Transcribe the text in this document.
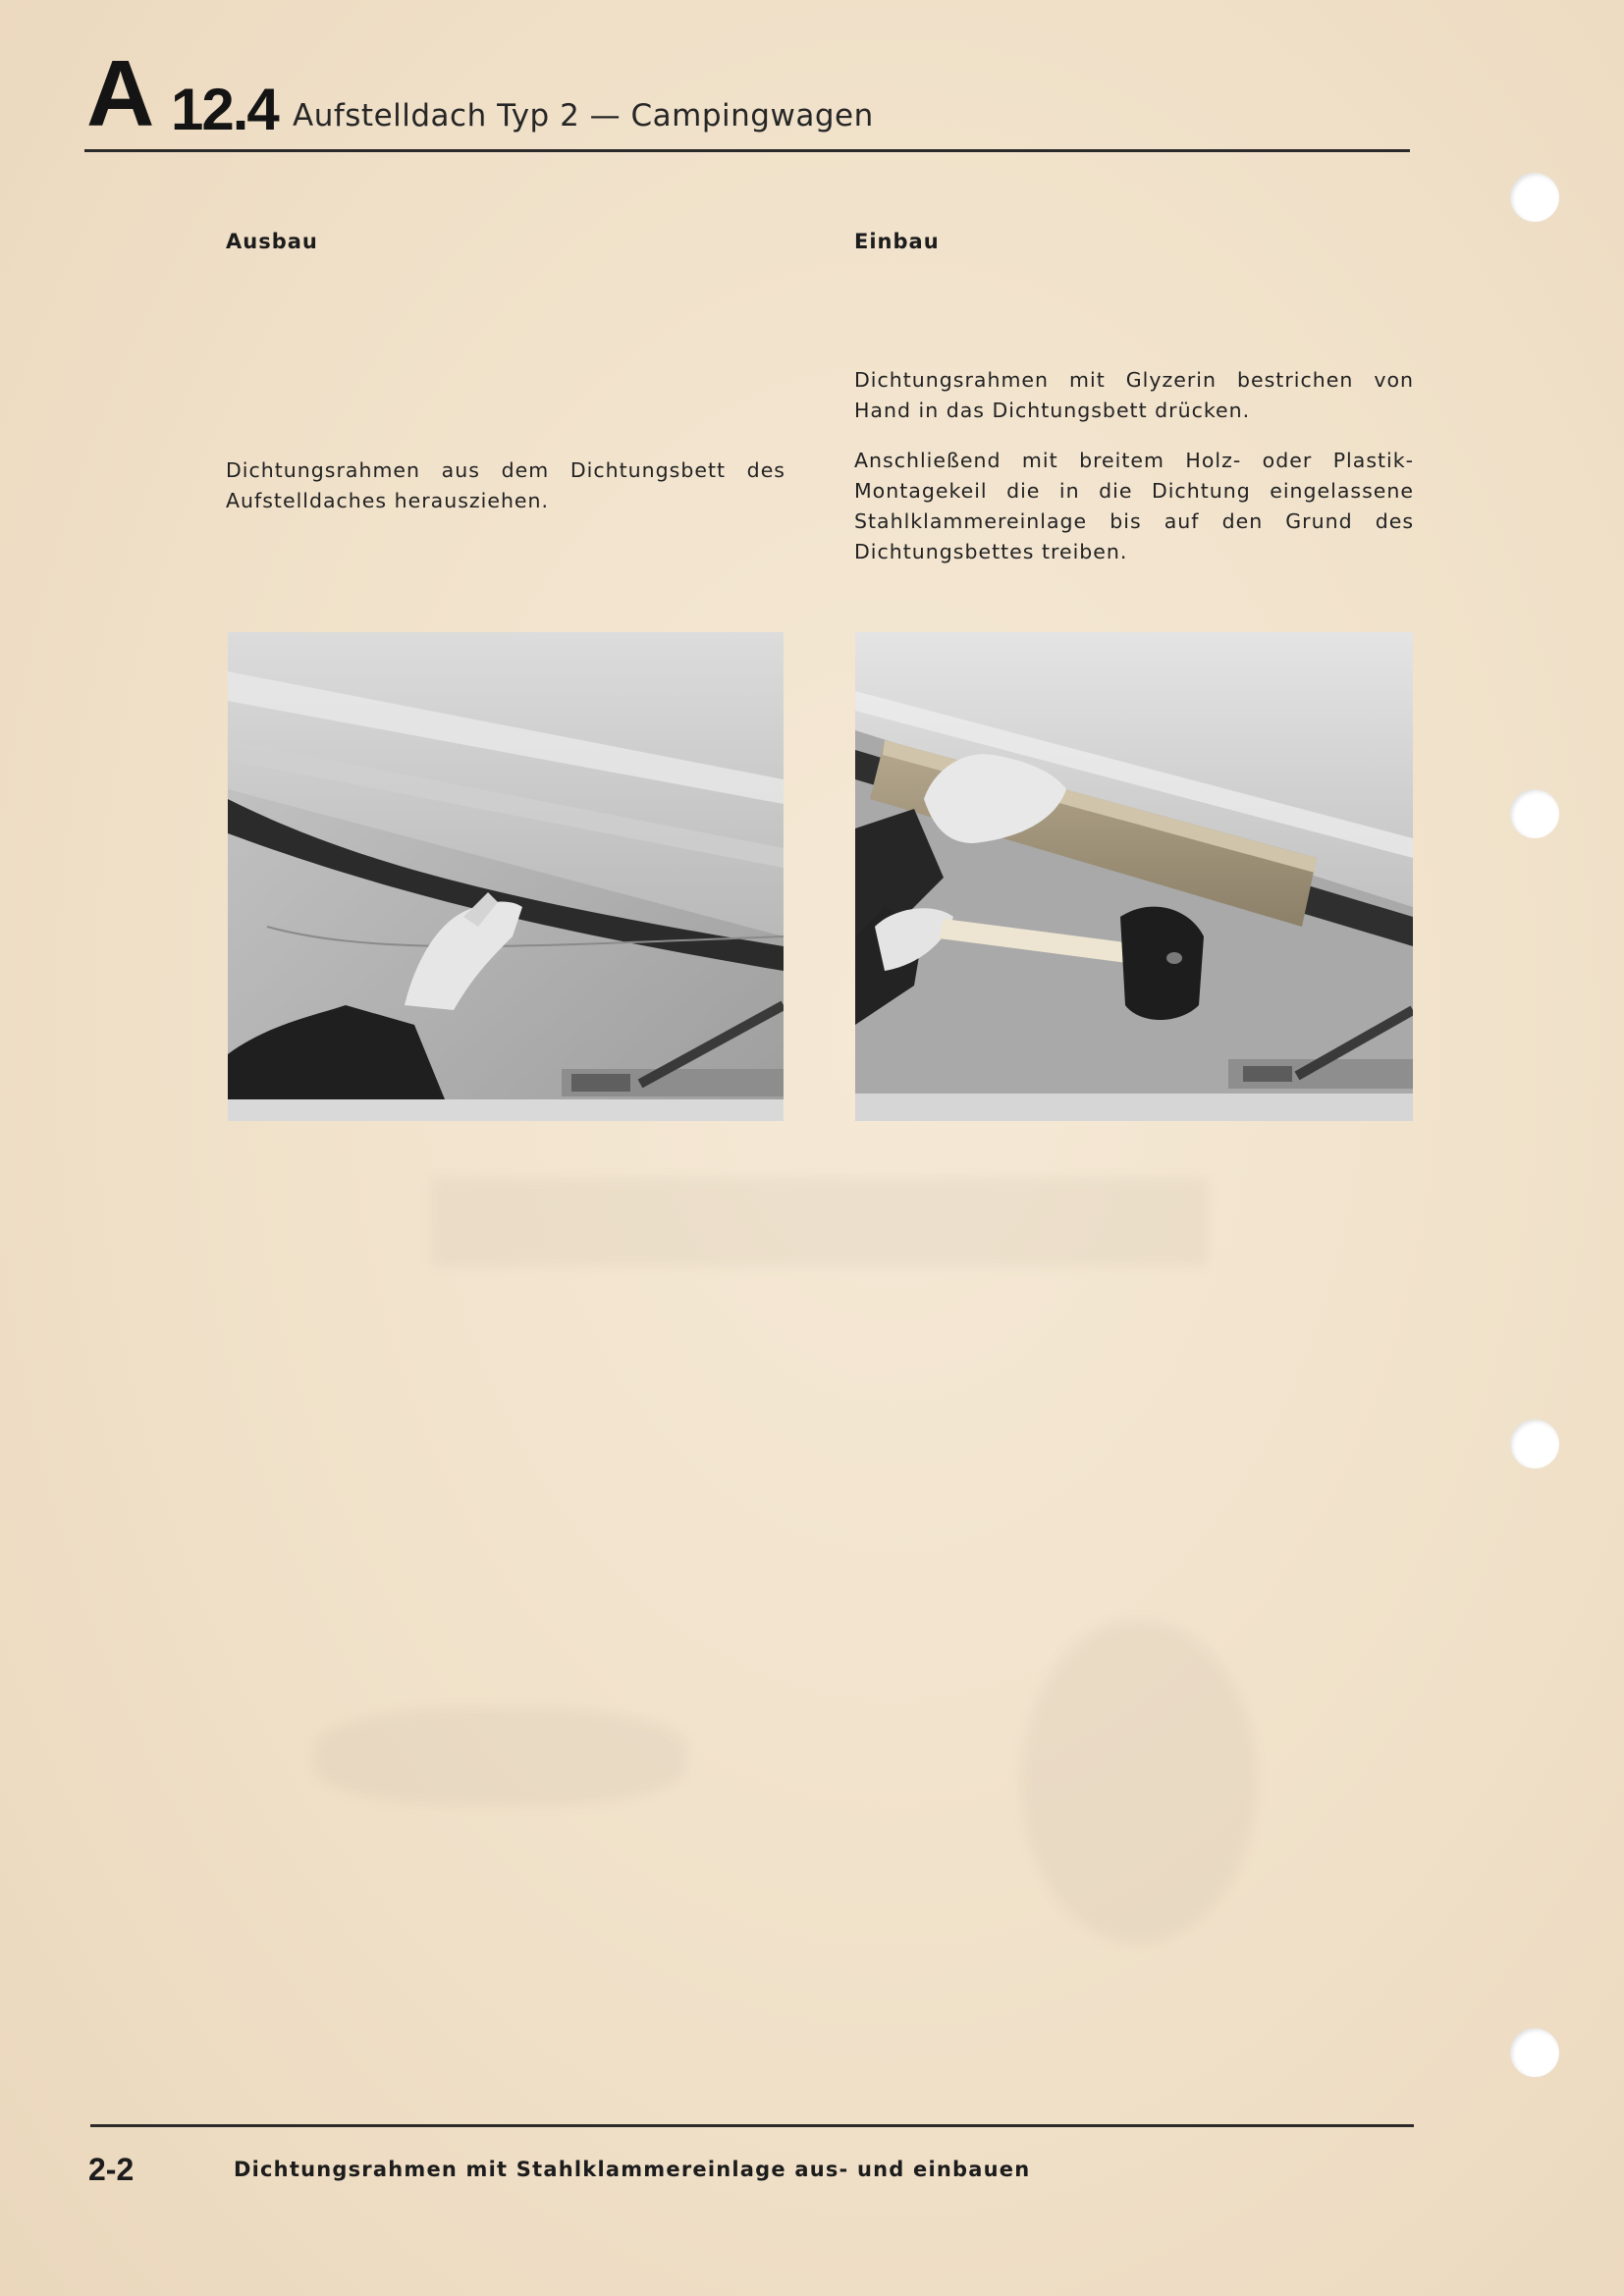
A 12.4 Aufstelldach Typ 2 — Campingwagen
Ausbau

Dichtungsrahmen aus dem Dichtungsbett des Aufstelldaches herausziehen.

Einbau

Dichtungsrahmen mit Glyzerin bestrichen von Hand in das Dichtungsbett drücken.

Anschließend mit breitem Holz- oder Plastik-Montagekeil die in die Dichtung eingelassene Stahlklammereinlage bis auf den Grund des Dichtungsbettes treiben.

2-2	Dichtungsrahmen mit Stahlklammereinlage aus- und einbauen
